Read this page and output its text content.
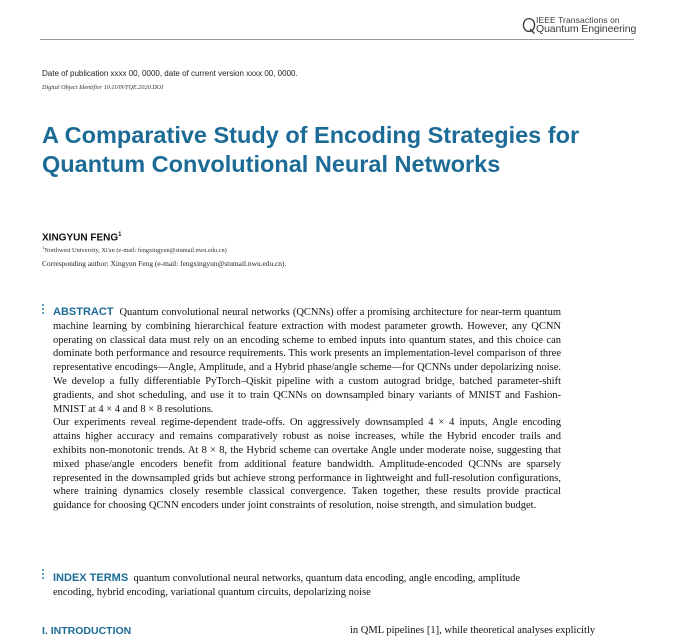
IEEE Transactions on
Quantum Engineering
Date of publication xxxx 00, 0000, date of current version xxxx 00, 0000.
Digital Object Identifier 10.1109/TQE.2020.DOI
A Comparative Study of Encoding Strategies for Quantum Convolutional Neural Networks
XINGYUN FENG$^1$
$^1$Northwest University, Xi'an (e-mail: fengxingyun@stumail.nwu.edu.cn)
Corresponding author: Xingyun Feng (e-mail: fengxingyun@stumail.nwu.edu.cn).

ABSTRACT Quantum convolutional neural networks (QCNNs) offer a promising architecture for near-term quantum machine learning by combining hierarchical feature extraction with modest parameter growth. However, any QCNN operating on classical data must rely on an encoding scheme to embed inputs into quantum states, and this choice can dominate both performance and resource requirements. This work presents an implementation-level comparison of three representative encodings—Angle, Amplitude, and a Hybrid phase/angle scheme—for QCNNs under depolarizing noise. We develop a fully differentiable PyTorch–Qiskit pipeline with a custom autograd bridge, batched parameter-shift gradients, and shot scheduling, and use it to train QCNNs on downsampled binary variants of MNIST and Fashion-MNIST at 4 × 4 and 8 × 8 resolutions.

Our experiments reveal regime-dependent trade-offs. On aggressively downsampled 4 × 4 inputs, Angle encoding attains higher accuracy and remains comparatively robust as noise increases, while the Hybrid encoder trails and exhibits non-monotonic trends. At 8 × 8, the Hybrid scheme can overtake Angle under moderate noise, suggesting that mixed phase/angle encoders benefit from additional feature bandwidth. Amplitude-encoded QCNNs are sparsely represented in the downsampled grids but achieve strong performance in lightweight and full-resolution configurations, where training dynamics closely resemble classical convergence. Taken together, these results provide practical guidance for choosing QCNN encoders under joint constraints of resolution, noise strength, and simulation budget.

INDEX TERMS quantum convolutional neural networks, quantum data encoding, angle encoding, amplitude encoding, hybrid encoding, variational quantum circuits, depolarizing noise
I. INTRODUCTION	in QML pipelines [1], while theoretical analyses explicitly
